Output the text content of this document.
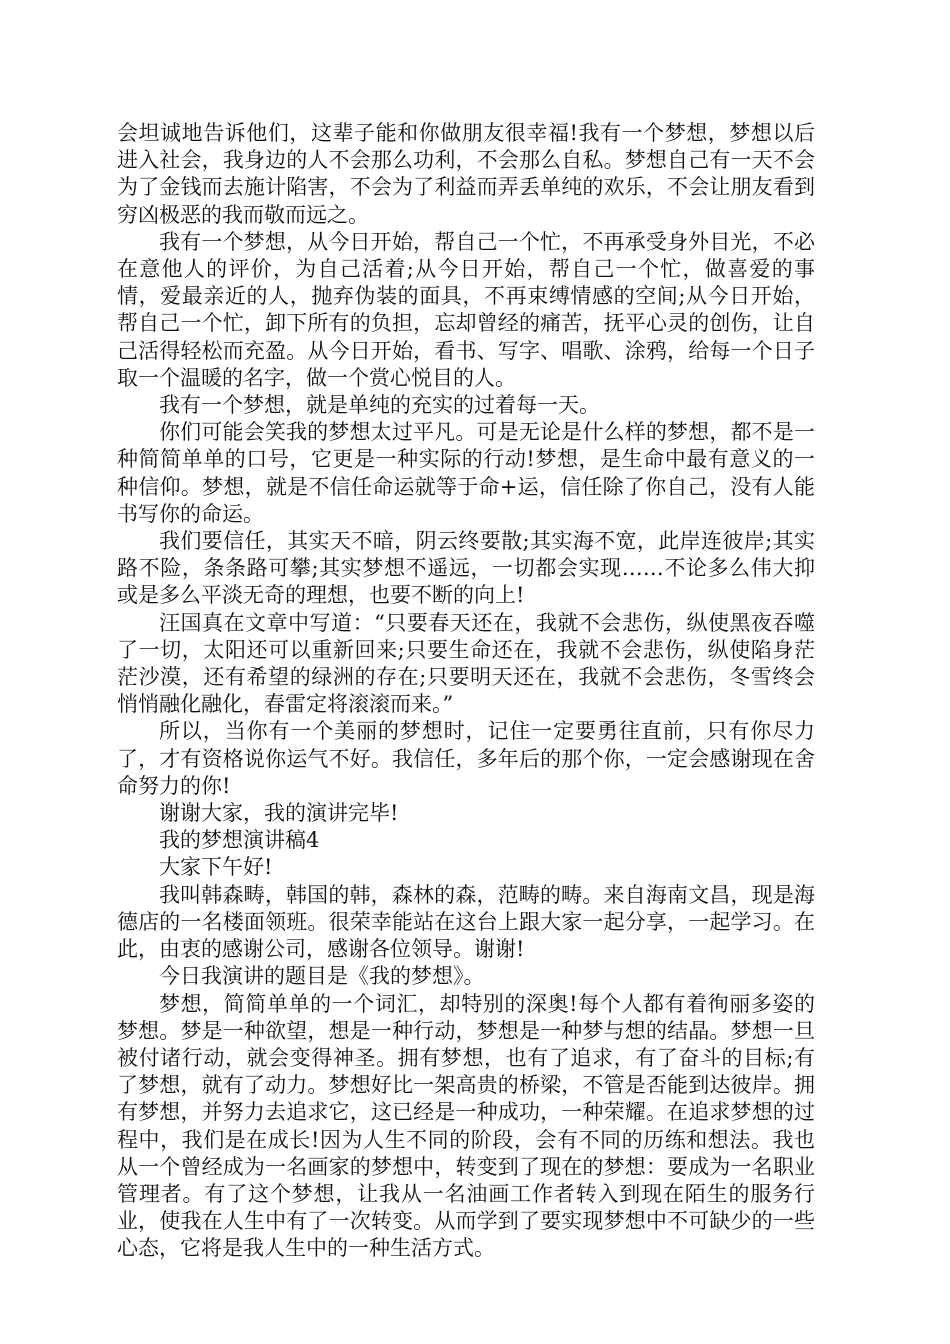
会坦诚地告诉他们，这辈子能和你做朋友很幸福!我有一个梦想，梦想以后进入社会，我身边的人不会那么功利，不会那么自私。梦想自己有一天不会为了金钱而去施计陷害，不会为了利益而弄丢单纯的欢乐，不会让朋友看到穷凶极恶的我而敬而远之。

我有一个梦想，从今日开始，帮自己一个忙，不再承受身外目光，不必在意他人的评价，为自己活着;从今日开始，帮自己一个忙，做喜爱的事情，爱最亲近的人，抛弃伪装的面具，不再束缚情感的空间;从今日开始，帮自己一个忙，卸下所有的负担，忘却曾经的痛苦，抚平心灵的创伤，让自己活得轻松而充盈。从今日开始，看书、写字、唱歌、涂鸦，给每一个日子取一个温暖的名字，做一个赏心悦目的人。

我有一个梦想，就是单纯的充实的过着每一天。

你们可能会笑我的梦想太过平凡。可是无论是什么样的梦想，都不是一种简简单单的口号，它更是一种实际的行动!梦想，是生命中最有意义的一种信仰。梦想，就是不信任命运就等于命+运，信任除了你自己，没有人能书写你的命运。

我们要信任，其实天不暗，阴云终要散;其实海不宽，此岸连彼岸;其实路不险，条条路可攀;其实梦想不遥远，一切都会实现……不论多么伟大抑或是多么平淡无奇的理想，也要不断的向上!

汪国真在文章中写道：“只要春天还在，我就不会悲伤，纵使黑夜吞噬了一切，太阳还可以重新回来;只要生命还在，我就不会悲伤，纵使陷身茫茫沙漠，还有希望的绿洲的存在;只要明天还在，我就不会悲伤，冬雪终会悄悄融化融化，春雷定将滚滚而来。”

所以，当你有一个美丽的梦想时，记住一定要勇往直前，只有你尽力了，才有资格说你运气不好。我信任，多年后的那个你，一定会感谢现在舍命努力的你!

谢谢大家，我的演讲完毕!

我的梦想演讲稿4

大家下午好!

我叫韩森畴，韩国的韩，森林的森，范畴的畴。来自海南文昌，现是海德店的一名楼面领班。很荣幸能站在这台上跟大家一起分享，一起学习。在此，由衷的感谢公司，感谢各位领导。谢谢!

今日我演讲的题目是《我的梦想》。

梦想，简简单单的一个词汇，却特别的深奥!每个人都有着徇丽多姿的梦想。梦是一种欲望，想是一种行动，梦想是一种梦与想的结晶。梦想一旦被付诸行动，就会变得神圣。拥有梦想，也有了追求，有了奋斗的目标;有了梦想，就有了动力。梦想好比一架高贵的桥梁，不管是否能到达彼岸。拥有梦想，并努力去追求它，这已经是一种成功，一种荣耀。在追求梦想的过程中，我们是在成长!因为人生不同的阶段，会有不同的历练和想法。我也从一个曾经成为一名画家的梦想中，转变到了现在的梦想：要成为一名职业管理者。有了这个梦想，让我从一名油画工作者转入到现在陌生的服务行业，使我在人生中有了一次转变。从而学到了要实现梦想中不可缺少的一些心态，它将是我人生中的一种生活方式。
